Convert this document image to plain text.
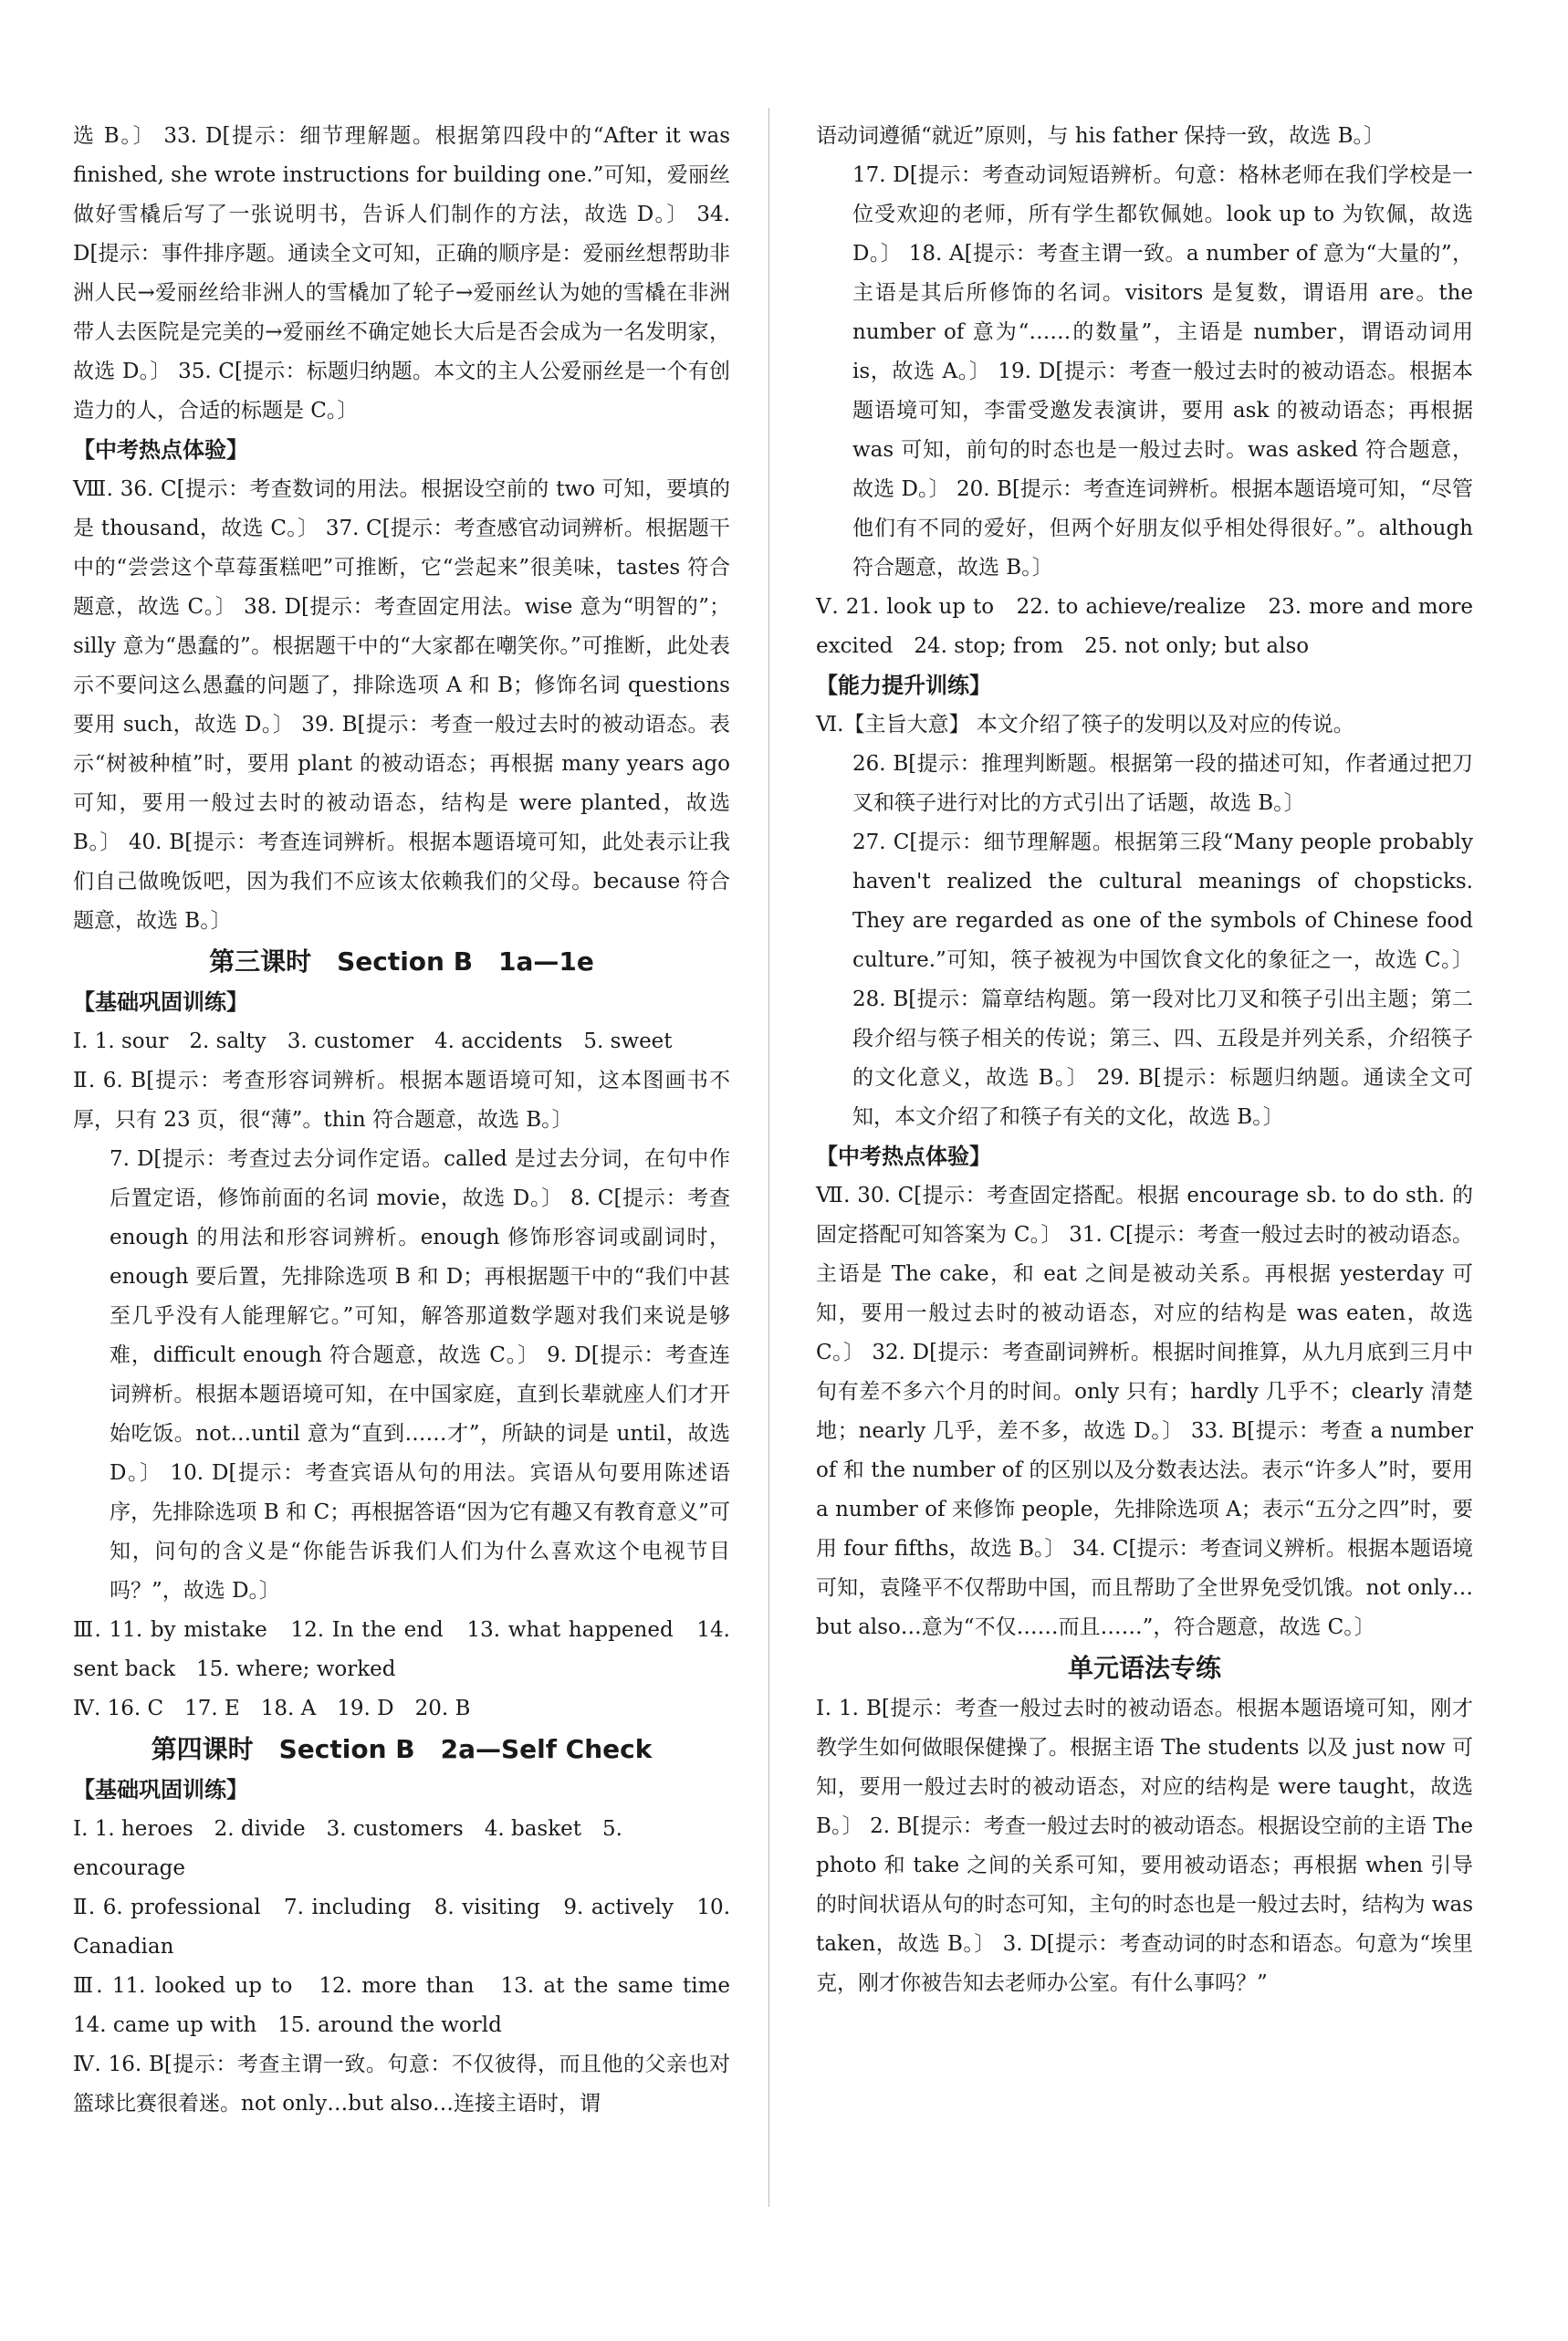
选 B。〕 33. D[提示：细节理解题。根据第四段中的“After it was finished, she wrote instructions for building one.”可知，爱丽丝做好雪橇后写了一张说明书，告诉人们制作的方法，故选 D。〕 34. D[提示：事件排序题。通读全文可知，正确的顺序是：爱丽丝想帮助非洲人民→爱丽丝给非洲人的雪橇加了轮子→爱丽丝认为她的雪橇在非洲带人去医院是完美的→爱丽丝不确定她长大后是否会成为一名发明家，故选 D。〕 35. C[提示：标题归纳题。本文的主人公爱丽丝是一个有创造力的人，合适的标题是 C。〕
【中考热点体验】
Ⅷ. 36. C[提示：考查数词的用法。根据设空前的 two 可知，要填的是 thousand，故选 C。〕 37. C[提示：考查感官动词辨析。根据题干中的“尝尝这个草莓蛋糕吧”可推断，它“尝起来”很美味，tastes 符合题意，故选 C。〕 38. D[提示：考查固定用法。wise 意为“明智的”；silly 意为“愚蠢的”。根据题干中的“大家都在嘲笑你。”可推断，此处表示不要问这么愚蠢的问题了，排除选项 A 和 B；修饰名词 questions 要用 such，故选 D。〕 39. B[提示：考查一般过去时的被动语态。表示“树被种植”时，要用 plant 的被动语态；再根据 many years ago 可知，要用一般过去时的被动语态，结构是 were planted，故选 B。〕 40. B[提示：考查连词辨析。根据本题语境可知，此处表示让我们自己做晚饭吧，因为我们不应该太依赖我们的父母。because 符合题意，故选 B。〕
第三课时　Section B　1a—1e
【基础巩固训练】
Ⅰ. 1. sour　2. salty　3. customer　4. accidents　5. sweet
Ⅱ. 6. B[提示：考查形容词辨析。根据本题语境可知，这本图画书不厚，只有 23 页，很“薄”。thin 符合题意，故选 B。〕
7. D[提示：考查过去分词作定语。called 是过去分词，在句中作后置定语，修饰前面的名词 movie，故选 D。〕 8. C[提示：考查 enough 的用法和形容词辨析。enough 修饰形容词或副词时，enough 要后置，先排除选项 B 和 D；再根据题干中的“我们中甚至几乎没有人能理解它。”可知，解答那道数学题对我们来说是够难，difficult enough 符合题意，故选 C。〕 9. D[提示：考查连词辨析。根据本题语境可知，在中国家庭，直到长辈就座人们才开始吃饭。not…until 意为“直到……才”，所缺的词是 until，故选 D。〕 10. D[提示：考查宾语从句的用法。宾语从句要用陈述语序，先排除选项 B 和 C；再根据答语“因为它有趣又有教育意义”可知，问句的含义是“你能告诉我们人们为什么喜欢这个电视节目吗？”，故选 D。〕
Ⅲ. 11. by mistake　12. In the end　13. what happened　14. sent back　15. where; worked
Ⅳ. 16. C　17. E　18. A　19. D　20. B
第四课时　Section B　2a—Self Check
【基础巩固训练】
Ⅰ. 1. heroes　2. divide　3. customers　4. basket　5. encourage
Ⅱ. 6. professional　7. including　8. visiting　9. actively　10. Canadian
Ⅲ. 11. looked up to　12. more than　13. at the same time　14. came up with　15. around the world
Ⅳ. 16. B[提示：考查主谓一致。句意：不仅彼得，而且他的父亲也对篮球比赛很着迷。not only…but also…连接主语时，谓
语动词遵循“就近”原则，与 his father 保持一致，故选 B。〕
17. D[提示：考查动词短语辨析。句意：格林老师在我们学校是一位受欢迎的老师，所有学生都钦佩她。look up to 为钦佩，故选 D。〕 18. A[提示：考查主谓一致。a number of 意为“大量的”，主语是其后所修饰的名词。visitors 是复数，谓语用 are。the number of 意为“……的数量”，主语是 number，谓语动词用 is，故选 A。〕 19. D[提示：考查一般过去时的被动语态。根据本题语境可知，李雷受邀发表演讲，要用 ask 的被动语态；再根据 was 可知，前句的时态也是一般过去时。was asked 符合题意，故选 D。〕 20. B[提示：考查连词辨析。根据本题语境可知，“尽管他们有不同的爱好，但两个好朋友似乎相处得很好。”。although 符合题意，故选 B。〕
Ⅴ. 21. look up to　22. to achieve/realize　23. more and more excited　24. stop; from　25. not only; but also
【能力提升训练】
Ⅵ.【主旨大意】 本文介绍了筷子的发明以及对应的传说。
26. B[提示：推理判断题。根据第一段的描述可知，作者通过把刀叉和筷子进行对比的方式引出了话题，故选 B。〕
27. C[提示：细节理解题。根据第三段“Many people probably haven't realized the cultural meanings of chopsticks. They are regarded as one of the symbols of Chinese food culture.”可知，筷子被视为中国饮食文化的象征之一，故选 C。〕 28. B[提示：篇章结构题。第一段对比刀叉和筷子引出主题；第二段介绍与筷子相关的传说；第三、四、五段是并列关系，介绍筷子的文化意义，故选 B。〕 29. B[提示：标题归纳题。通读全文可知，本文介绍了和筷子有关的文化，故选 B。〕
【中考热点体验】
Ⅶ. 30. C[提示：考查固定搭配。根据 encourage sb. to do sth. 的固定搭配可知答案为 C。〕 31. C[提示：考查一般过去时的被动语态。主语是 The cake，和 eat 之间是被动关系。再根据 yesterday 可知，要用一般过去时的被动语态，对应的结构是 was eaten，故选 C。〕 32. D[提示：考查副词辨析。根据时间推算，从九月底到三月中旬有差不多六个月的时间。only 只有；hardly 几乎不；clearly 清楚地；nearly 几乎，差不多，故选 D。〕 33. B[提示：考查 a number of 和 the number of 的区别以及分数表达法。表示“许多人”时，要用 a number of 来修饰 people，先排除选项 A；表示“五分之四”时，要用 four fifths，故选 B。〕 34. C[提示：考查词义辨析。根据本题语境可知，袁隆平不仅帮助中国，而且帮助了全世界免受饥饿。not only…but also…意为“不仅……而且……”，符合题意，故选 C。〕
单元语法专练
Ⅰ. 1. B[提示：考查一般过去时的被动语态。根据本题语境可知，刚才教学生如何做眼保健操了。根据主语 The students 以及 just now 可知，要用一般过去时的被动语态，对应的结构是 were taught，故选 B。〕 2. B[提示：考查一般过去时的被动语态。根据设空前的主语 The photo 和 take 之间的关系可知，要用被动语态；再根据 when 引导的时间状语从句的时态可知，主句的时态也是一般过去时，结构为 was taken，故选 B。〕 3. D[提示：考查动词的时态和语态。句意为“埃里克，刚才你被告知去老师办公室。有什么事吗？”
